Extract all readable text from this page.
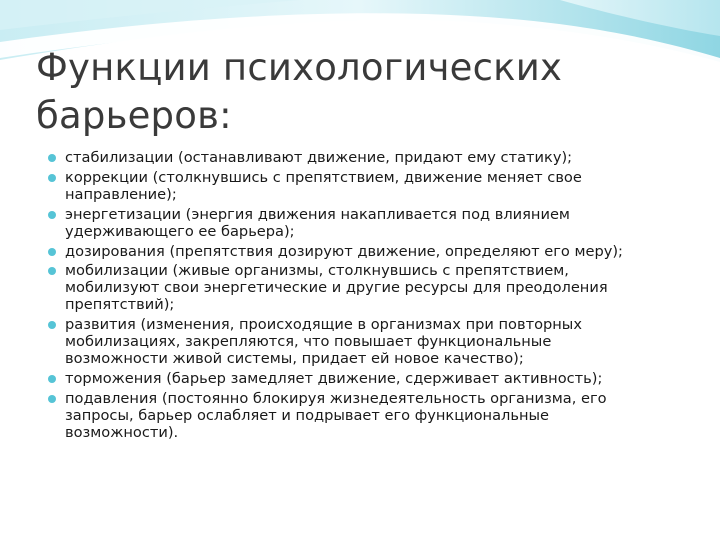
Функции психологических
барьеров:
стабилизации (останавливают движение, придают ему статику);
коррекции (столкнувшись с препятствием, движение меняет свое
направление);
энергетизации (энергия движения накапливается под влиянием
удерживающего ее барьера);
дозирования (препятствия дозируют движение, определяют его меру);
мобилизации (живые организмы, столкнувшись с препятствием,
мобилизуют свои энергетические и другие ресурсы для преодоления
препятствий);
развития (изменения, происходящие в организмах при повторных
мобилизациях, закрепляются, что повышает функциональные
возможности живой системы, придает ей новое качество);
торможения (барьер замедляет движение, сдерживает активность);
подавления (постоянно блокируя жизнедеятельность организма, его
запросы, барьер ослабляет и подрывает его функциональные
возможности).
